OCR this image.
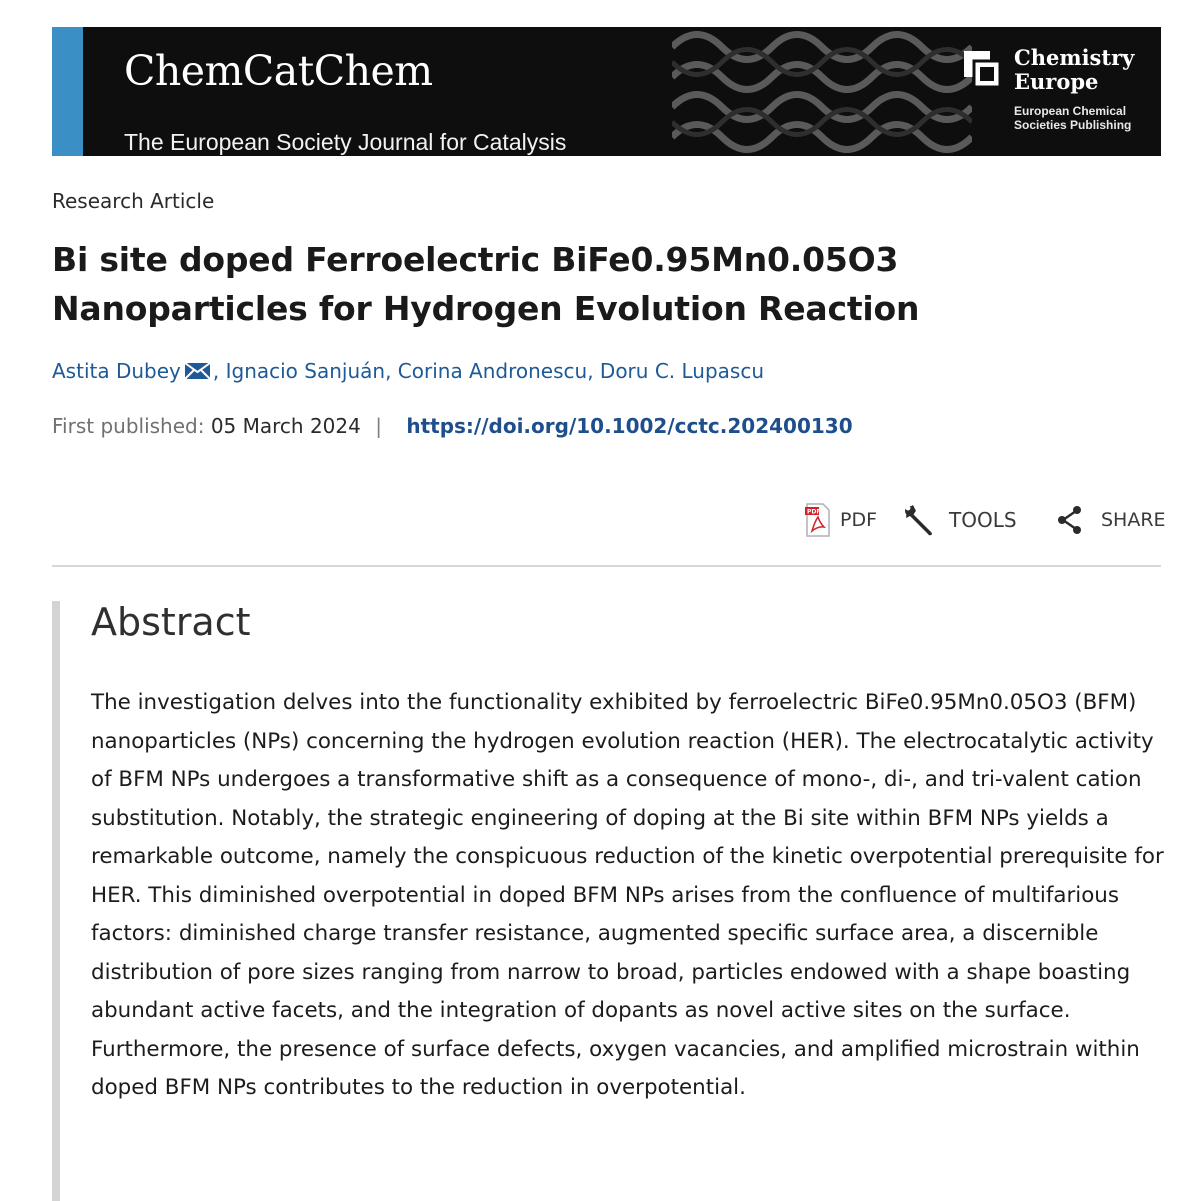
ChemCatChem
The European Society Journal for Catalysis
Chemistry
Europe
European Chemical
Societies Publishing
Research Article
Bi site doped Ferroelectric BiFe0.95Mn0.05O3 Nanoparticles for Hydrogen Evolution Reaction
Astita Dubey , Ignacio Sanjuán, Corina Andronescu, Doru C. Lupascu
First published: 05 March 2024 | https://doi.org/10.1002/cctc.202400130
PDF PDF	TOOLS	SHARE
Abstract

The investigation delves into the functionality exhibited by ferroelectric BiFe0.95Mn0.05O3 (BFM) nanoparticles (NPs) concerning the hydrogen evolution reaction (HER). The electrocatalytic activity of BFM NPs undergoes a transformative shift as a consequence of mono-, di-, and tri-valent cation substitution. Notably, the strategic engineering of doping at the Bi site within BFM NPs yields a remarkable outcome, namely the conspicuous reduction of the kinetic overpotential prerequisite for HER. This diminished overpotential in doped BFM NPs arises from the confluence of multifarious factors: diminished charge transfer resistance, augmented specific surface area, a discernible distribution of pore sizes ranging from narrow to broad, particles endowed with a shape boasting abundant active facets, and the integration of dopants as novel active sites on the surface. Furthermore, the presence of surface defects, oxygen vacancies, and amplified microstrain within doped BFM NPs contributes to the reduction in overpotential.
